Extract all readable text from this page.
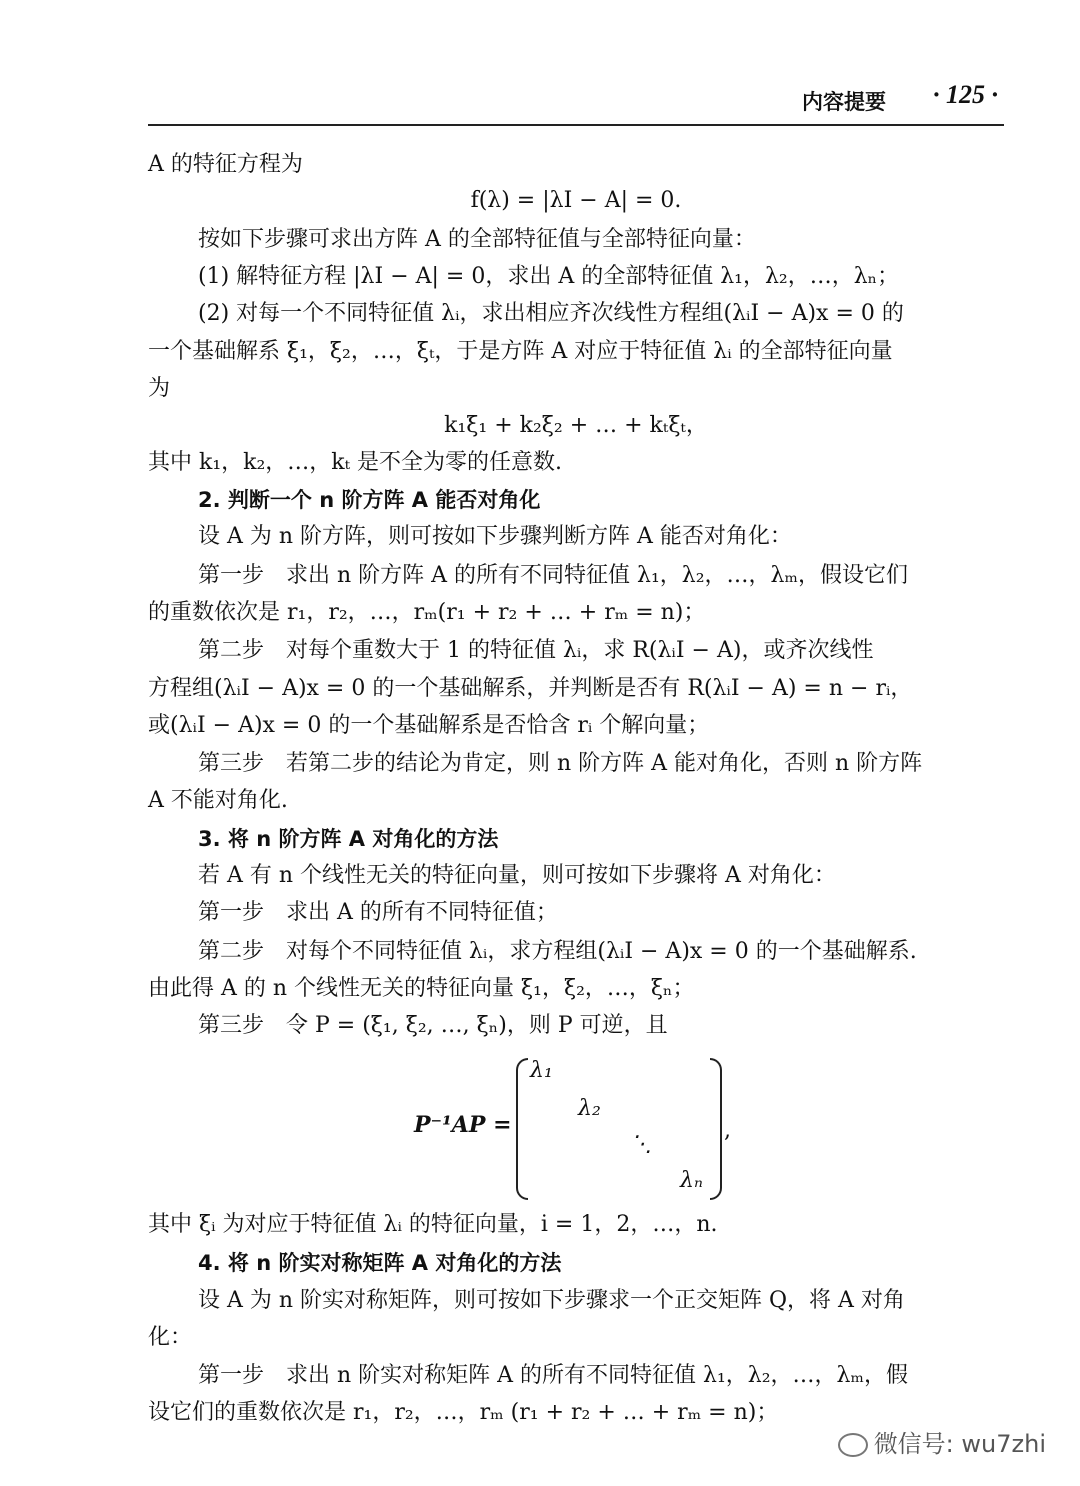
内容提要 · 125 ·
A 的特征方程为
f(λ) = |λI − A| = 0.
按如下步骤可求出方阵 A 的全部特征值与全部特征向量：
(1) 解特征方程 |λI − A| = 0，求出 A 的全部特征值 λ₁，λ₂，…，λₙ；
(2) 对每一个不同特征值 λᵢ，求出相应齐次线性方程组(λᵢI − A)x = 0 的
一个基础解系 ξ₁，ξ₂，…，ξₜ，于是方阵 A 对应于特征值 λᵢ 的全部特征向量
为
k₁ξ₁ + k₂ξ₂ + … + kₜξₜ，
其中 k₁，k₂，…，kₜ 是不全为零的任意数.
2. 判断一个 n 阶方阵 A 能否对角化
设 A 为 n 阶方阵，则可按如下步骤判断方阵 A 能否对角化：
第一步　求出 n 阶方阵 A 的所有不同特征值 λ₁，λ₂，…，λₘ，假设它们
的重数依次是 r₁，r₂，…，rₘ(r₁ + r₂ + … + rₘ = n)；
第二步　对每个重数大于 1 的特征值 λᵢ，求 R(λᵢI − A)，或齐次线性
方程组(λᵢI − A)x = 0 的一个基础解系，并判断是否有 R(λᵢI − A) = n − rᵢ，
或(λᵢI − A)x = 0 的一个基础解系是否恰含 rᵢ 个解向量；
第三步　若第二步的结论为肯定，则 n 阶方阵 A 能对角化，否则 n 阶方阵
A 不能对角化.
3. 将 n 阶方阵 A 对角化的方法
若 A 有 n 个线性无关的特征向量，则可按如下步骤将 A 对角化：
第一步　求出 A 的所有不同特征值；
第二步　对每个不同特征值 λᵢ，求方程组(λᵢI − A)x = 0 的一个基础解系.
由此得 A 的 n 个线性无关的特征向量 ξ₁，ξ₂，…，ξₙ；
第三步　令 P = (ξ₁, ξ₂, …, ξₙ)，则 P 可逆，且
P⁻¹AP =
λ₁
λ₂
⋱
λₙ
,
其中 ξᵢ 为对应于特征值 λᵢ 的特征向量，i = 1，2，…，n.
4. 将 n 阶实对称矩阵 A 对角化的方法
设 A 为 n 阶实对称矩阵，则可按如下步骤求一个正交矩阵 Q，将 A 对角
化：
第一步　求出 n 阶实对称矩阵 A 的所有不同特征值 λ₁，λ₂，…，λₘ，假
设它们的重数依次是 r₁，r₂，…，rₘ (r₁ + r₂ + … + rₘ = n)；
微信号: wu7zhi
